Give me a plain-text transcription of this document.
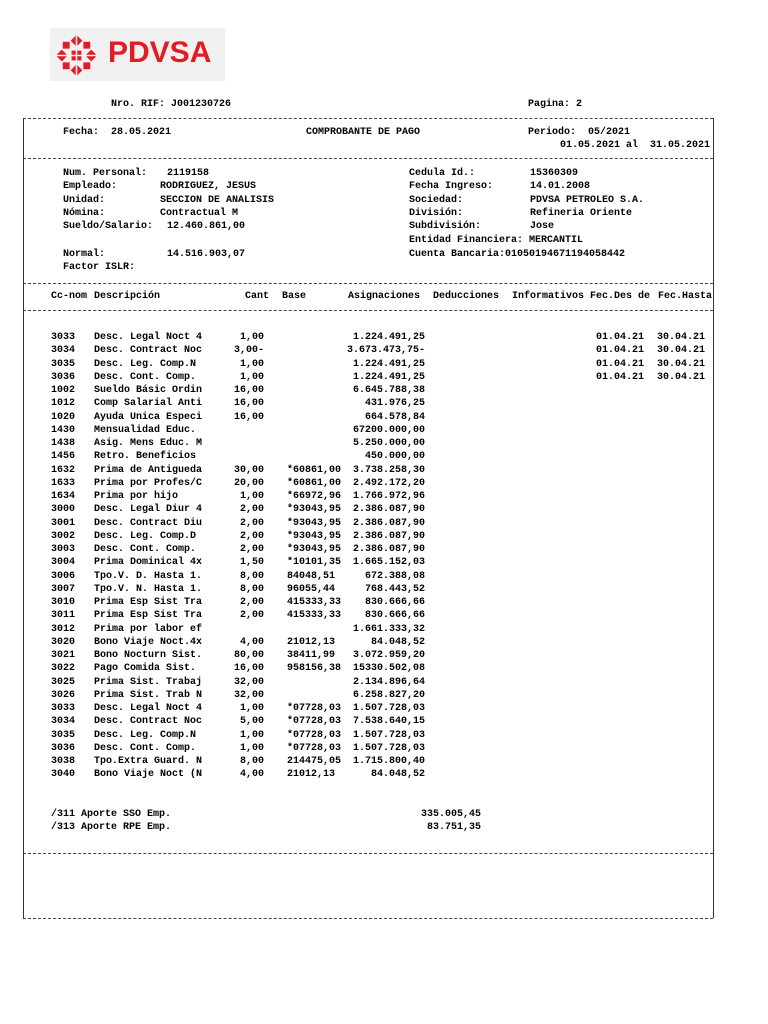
PDVSA
Nro. RIF: J001230726	Pagina: 2
Fecha:  28.05.2021	COMPROBANTE DE PAGO	Periodo:  05/2021
01.05.2021 al  31.05.2021
Num. Personal: 2119158
Empleado:	RODRIGUEZ, JESUS
Unidad:	SECCION DE ANALISIS
Nómina:	Contractual M
Sueldo/Salario: 12.460.861,00
Normal:	14.516.903,07
Factor ISLR:
Cedula Id.:	15360309
Fecha Ingreso:	14.01.2008
Sociedad:	PDVSA PETROLEO S.A.
División:	Refineria Oriente
Subdivisión:	Jose
Entidad Financiera: MERCANTIL
Cuenta Bancaria:01050194671194058442
Cc-nom Descripción	Cant Base	Asignaciones Deducciones Informativos Fec.Des de Fec.Hasta
3033 Desc. Legal Noct 4	1,00	1.224.491,25	01.04.21 30.04.21
3034 Desc. Contract Noc	3,00-	3.673.473,75-	01.04.21 30.04.21
3035 Desc. Leg. Comp.N	1,00	1.224.491,25	01.04.21 30.04.21
3036 Desc. Cont. Comp.	1,00	1.224.491,25	01.04.21 30.04.21
1002 Sueldo Básic Ordin	16,00	6.645.788,38
1012 Comp Salarial Anti	16,00	431.976,25
1020 Ayuda Unica Especi	16,00	664.578,84
1430 Mensualidad Educ.	67200.000,00
1438 Asig. Mens Educ. M	5.250.000,00
1456 Retro. Beneficios	450.000,00
1632 Prima de Antigueda	30,00 *60861,00 3.738.258,30
1633 Prima por Profes/C	20,00 *60861,00 2.492.172,20
1634 Prima por hijo	1,00 *66972,96 1.766.972,96
3000 Desc. Legal Diur 4	2,00 *93043,95 2.386.087,90
3001 Desc. Contract Diu	2,00 *93043,95 2.386.087,90
3002 Desc. Leg. Comp.D	2,00 *93043,95 2.386.087,90
3003 Desc. Cont. Comp.	2,00 *93043,95 2.386.087,90
3004 Prima Dominical 4x	1,50 *10101,35 1.665.152,03
3006 Tpo.V. D. Hasta 1.	8,00 84048,51	672.388,08
3007 Tpo.V. N. Hasta 1.	8,00 96055,44	768.443,52
3010 Prima Esp Sist Tra	2,00 415333,33 830.666,66
3011 Prima Esp Sist Tra	2,00 415333,33 830.666,66
3012 Prima por labor ef	1.661.333,32
3020 Bono Viaje Noct.4x	4,00 21012,13	84.048,52
3021 Bono Nocturn Sist.	80,00 38411,99 3.072.959,20
3022 Pago Comida Sist.	16,00 958156,38 15330.502,08
3025 Prima Sist. Trabaj	32,00	2.134.896,64
3026 Prima Sist. Trab N	32,00	6.258.827,20
3033 Desc. Legal Noct 4	1,00 *07728,03 1.507.728,03
3034 Desc. Contract Noc	5,00 *07728,03 7.538.640,15
3035 Desc. Leg. Comp.N	1,00 *07728,03 1.507.728,03
3036 Desc. Cont. Comp.	1,00 *07728,03 1.507.728,03
3038 Tpo.Extra Guard. N	8,00 214475,05 1.715.800,40
3040 Bono Viaje Noct (N	4,00 21012,13	84.048,52
/311 Aporte SSO Emp.	335.005,45
/313 Aporte RPE Emp.	83.751,35
